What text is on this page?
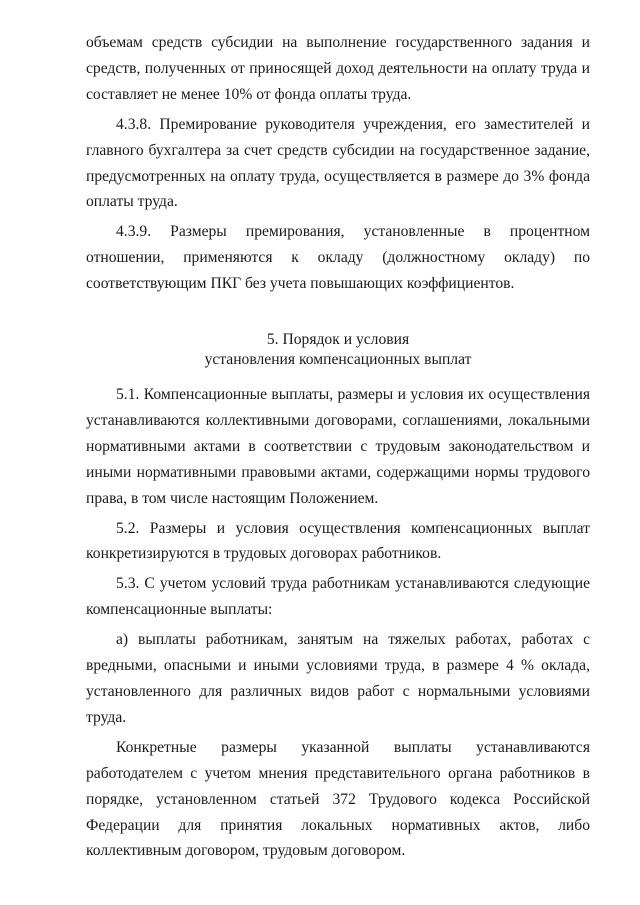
объемам средств субсидии на выполнение государственного задания и средств, полученных от приносящей доход деятельности на оплату труда и составляет не менее 10% от фонда оплаты труда.

4.3.8. Премирование руководителя учреждения, его заместителей и главного бухгалтера за счет средств субсидии на государственное задание, предусмотренных на оплату труда, осуществляется в размере до 3% фонда оплаты труда.

4.3.9. Размеры премирования, установленные в процентном отношении, применяются к окладу (должностному окладу) по соответствующим ПКГ без учета повышающих коэффициентов.

5. Порядок и условия
установления компенсационных выплат

5.1. Компенсационные выплаты, размеры и условия их осуществления устанавливаются коллективными договорами, соглашениями, локальными нормативными актами в соответствии с трудовым законодательством и иными нормативными правовыми актами, содержащими нормы трудового права, в том числе настоящим Положением.

5.2. Размеры и условия осуществления компенсационных выплат конкретизируются в трудовых договорах работников.

5.3. С учетом условий труда работникам устанавливаются следующие компенсационные выплаты:

а) выплаты работникам, занятым на тяжелых работах, работах с вредными, опасными и иными условиями труда, в размере 4 % оклада, установленного для различных видов работ с нормальными условиями труда.

Конкретные размеры указанной выплаты устанавливаются работодателем с учетом мнения представительного органа работников в порядке, установленном статьей 372 Трудового кодекса Российской Федерации для принятия локальных нормативных актов, либо коллективным договором, трудовым договором.
